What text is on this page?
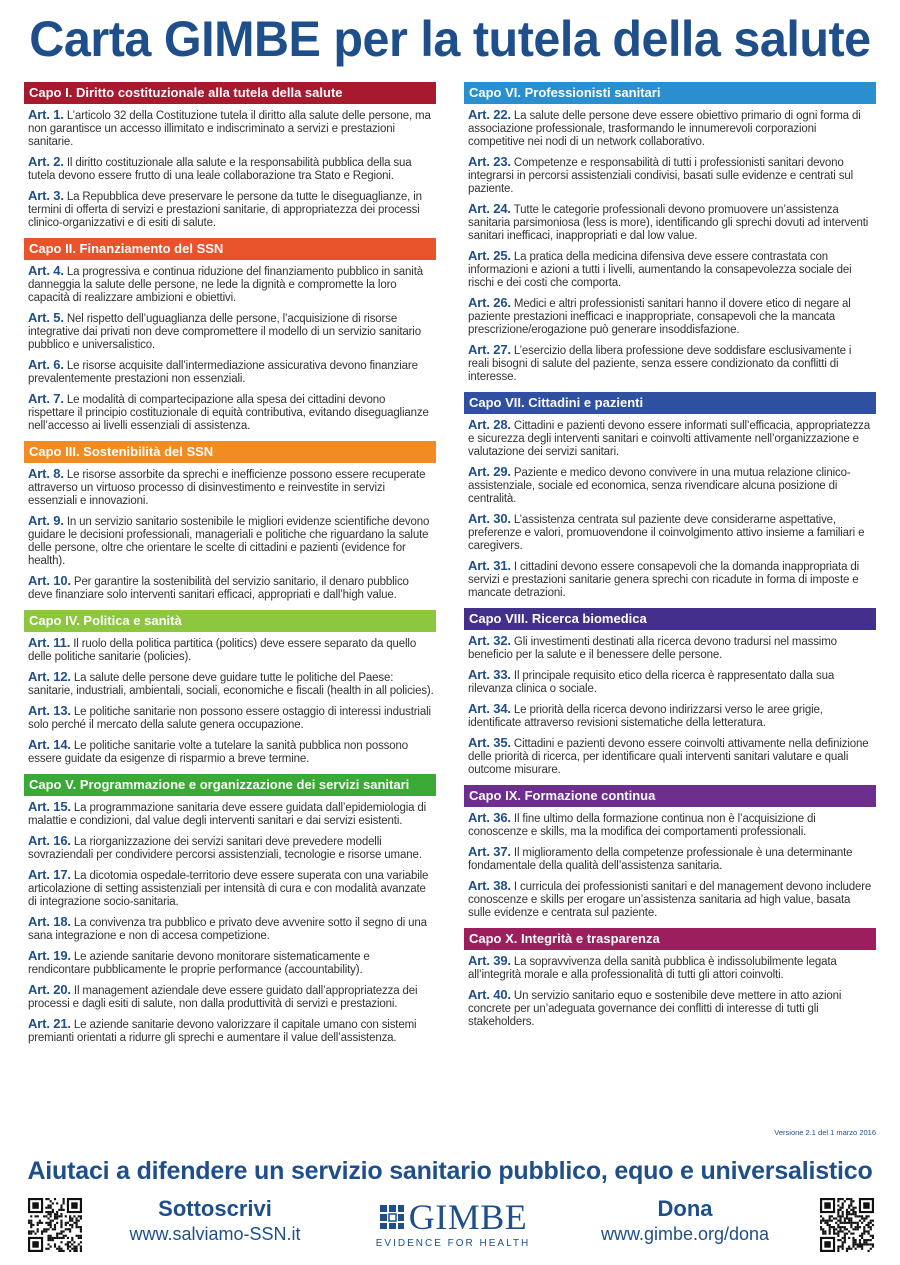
Carta GIMBE per la tutela della salute
Capo I. Diritto costituzionale alla tutela della salute
Art. 1. L’articolo 32 della Costituzione tutela il diritto alla salute delle persone, ma non garantisce un accesso illimitato e indiscriminato a servizi e prestazioni sanitarie.
Art. 2. Il diritto costituzionale alla salute e la responsabilità pubblica della sua tutela devono essere frutto di una leale collaborazione tra Stato e Regioni.
Art. 3. La Repubblica deve preservare le persone da tutte le diseguaglianze, in termini di offerta di servizi e prestazioni sanitarie, di appropriatezza dei processi clinico-organizzativi e di esiti di salute.
Capo II. Finanziamento del SSN
Art. 4. La progressiva e continua riduzione del finanziamento pubblico in sanità danneggia la salute delle persone, ne lede la dignità e compromette la loro capacità di realizzare ambizioni e obiettivi.
Art. 5. Nel rispetto dell’uguaglianza delle persone, l’acquisizione di risorse integrative dai privati non deve compromettere il modello di un servizio sanitario pubblico e universalistico.
Art. 6. Le risorse acquisite dall’intermediazione assicurativa devono finanziare prevalentemente prestazioni non essenziali.
Art. 7. Le modalità di compartecipazione alla spesa dei cittadini devono rispettare il principio costituzionale di equità contributiva, evitando diseguaglianze nell’accesso ai livelli essenziali di assistenza.
Capo III. Sostenibilità del SSN
Art. 8. Le risorse assorbite da sprechi e inefficienze possono essere recuperate attraverso un virtuoso processo di disinvestimento e reinvestite in servizi essenziali e innovazioni.
Art. 9. In un servizio sanitario sostenibile le migliori evidenze scientifiche devono guidare le decisioni professionali, manageriali e politiche che riguardano la salute delle persone, oltre che orientare le scelte di cittadini e pazienti (evidence for health).
Art. 10. Per garantire la sostenibilità del servizio sanitario, il denaro pubblico deve finanziare solo interventi sanitari efficaci, appropriati e dall’high value.
Capo IV. Politica e sanità
Art. 11. Il ruolo della politica partitica (politics) deve essere separato da quello delle politiche sanitarie (policies).
Art. 12. La salute delle persone deve guidare tutte le politiche del Paese: sanitarie, industriali, ambientali, sociali, economiche e fiscali (health in all policies).
Art. 13. Le politiche sanitarie non possono essere ostaggio di interessi industriali solo perché il mercato della salute genera occupazione.
Art. 14. Le politiche sanitarie volte a tutelare la sanità pubblica non possono essere guidate da esigenze di risparmio a breve termine.
Capo V. Programmazione e organizzazione dei servizi sanitari
Art. 15. La programmazione sanitaria deve essere guidata dall’epidemiologia di malattie e condizioni, dal value degli interventi sanitari e dai servizi esistenti.
Art. 16. La riorganizzazione dei servizi sanitari deve prevedere modelli sovraziendali per condividere percorsi assistenziali, tecnologie e risorse umane.
Art. 17. La dicotomia ospedale-territorio deve essere superata con una variabile articolazione di setting assistenziali per intensità di cura e con modalità avanzate di integrazione socio-sanitaria.
Art. 18. La convivenza tra pubblico e privato deve avvenire sotto il segno di una sana integrazione e non di accesa competizione.
Art. 19. Le aziende sanitarie devono monitorare sistematicamente e rendicontare pubblicamente le proprie performance (accountability).
Art. 20. Il management aziendale deve essere guidato dall’appropriatezza dei processi e dagli esiti di salute, non dalla produttività di servizi e prestazioni.
Art. 21. Le aziende sanitarie devono valorizzare il capitale umano con sistemi premianti orientati a ridurre gli sprechi e aumentare il value dell’assistenza.
Capo VI. Professionisti sanitari
Art. 22. La salute delle persone deve essere obiettivo primario di ogni forma di associazione professionale, trasformando le innumerevoli corporazioni competitive nei nodi di un network collaborativo.
Art. 23. Competenze e responsabilità di tutti i professionisti sanitari devono integrarsi in percorsi assistenziali condivisi, basati sulle evidenze e centrati sul paziente.
Art. 24. Tutte le categorie professionali devono promuovere un’assistenza sanitaria parsimoniosa (less is more), identificando gli sprechi dovuti ad interventi sanitari inefficaci, inappropriati e dal low value.
Art. 25. La pratica della medicina difensiva deve essere contrastata con informazioni e azioni a tutti i livelli, aumentando la consapevolezza sociale dei rischi e dei costi che comporta.
Art. 26. Medici e altri professionisti sanitari hanno il dovere etico di negare al paziente prestazioni inefficaci e inappropriate, consapevoli che la mancata prescrizione/erogazione può generare insoddisfazione.
Art. 27. L’esercizio della libera professione deve soddisfare esclusivamente i reali bisogni di salute del paziente, senza essere condizionato da conflitti di interesse.
Capo VII. Cittadini e pazienti
Art. 28. Cittadini e pazienti devono essere informati sull’efficacia, appropriatezza e sicurezza degli interventi sanitari e coinvolti attivamente nell’organizzazione e valutazione dei servizi sanitari.
Art. 29. Paziente e medico devono convivere in una mutua relazione clinico-assistenziale, sociale ed economica, senza rivendicare alcuna posizione di centralità.
Art. 30. L’assistenza centrata sul paziente deve considerarne aspettative, preferenze e valori, promuovendone il coinvolgimento attivo insieme a familiari e caregivers.
Art. 31. I cittadini devono essere consapevoli che la domanda inappropriata di servizi e prestazioni sanitarie genera sprechi con ricadute in forma di imposte e mancate detrazioni.
Capo VIII. Ricerca biomedica
Art. 32. Gli investimenti destinati alla ricerca devono tradursi nel massimo beneficio per la salute e il benessere delle persone.
Art. 33. Il principale requisito etico della ricerca è rappresentato dalla sua rilevanza clinica o sociale.
Art. 34. Le priorità della ricerca devono indirizzarsi verso le aree grigie, identificate attraverso revisioni sistematiche della letteratura.
Art. 35. Cittadini e pazienti devono essere coinvolti attivamente nella definizione delle priorità di ricerca, per identificare quali interventi sanitari valutare e quali outcome misurare.
Capo IX. Formazione continua
Art. 36. Il fine ultimo della formazione continua non è l’acquisizione di conoscenze e skills, ma la modifica dei comportamenti professionali.
Art. 37. Il miglioramento della competenze professionale è una determinante fondamentale della qualità dell’assistenza sanitaria.
Art. 38. I curricula dei professionisti sanitari e del management devono includere conoscenze e skills per erogare un’assistenza sanitaria ad high value, basata sulle evidenze e centrata sul paziente.
Capo X. Integrità e trasparenza
Art. 39. La sopravvivenza della sanità pubblica è indissolubilmente legata all’integrità morale e alla professionalità di tutti gli attori coinvolti.
Art. 40. Un servizio sanitario equo e sostenibile deve mettere in atto azioni concrete per un’adeguata governance dei conflitti di interesse di tutti gli stakeholders.
Versione 2.1 del 1 marzo 2016
Aiutaci a difendere un servizio sanitario pubblico, equo e universalistico
Sottoscrivi
www.salviamo-SSN.it	GIMBE
EVIDENCE FOR HEALTH
Dona
www.gimbe.org/dona
